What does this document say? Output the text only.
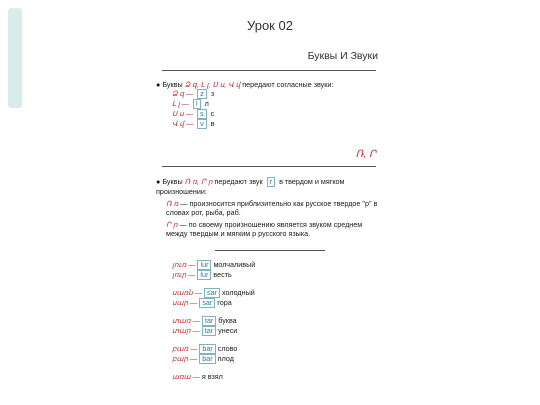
Урок 02
Буквы И Звуки
● Буквы Ձ զ, Լ լ, Ս ս, Վ վ передают согласные звуки:
Ձ զ — z з
Լ լ — l л
Ս ս — s с
Վ վ — v в
Ռ, Ր
● Буквы Ռ ռ, Ր ր передают звук r в твердом и мягком произношении:
Ռ ռ — произносится приблизительно как русское твердое "р" в словах рот, рыба, раб.
Ր ր — по своему произношению является звуком среднем между твердым и мягким р русского языка.
լուռ — lur молчаливый
լուր — lur весть
սառն — sar холодный
սար — sar гора
տառ — tar буква
տար — tar унеси
բառ — bar слово
բար — bar плод
առա — я взял
